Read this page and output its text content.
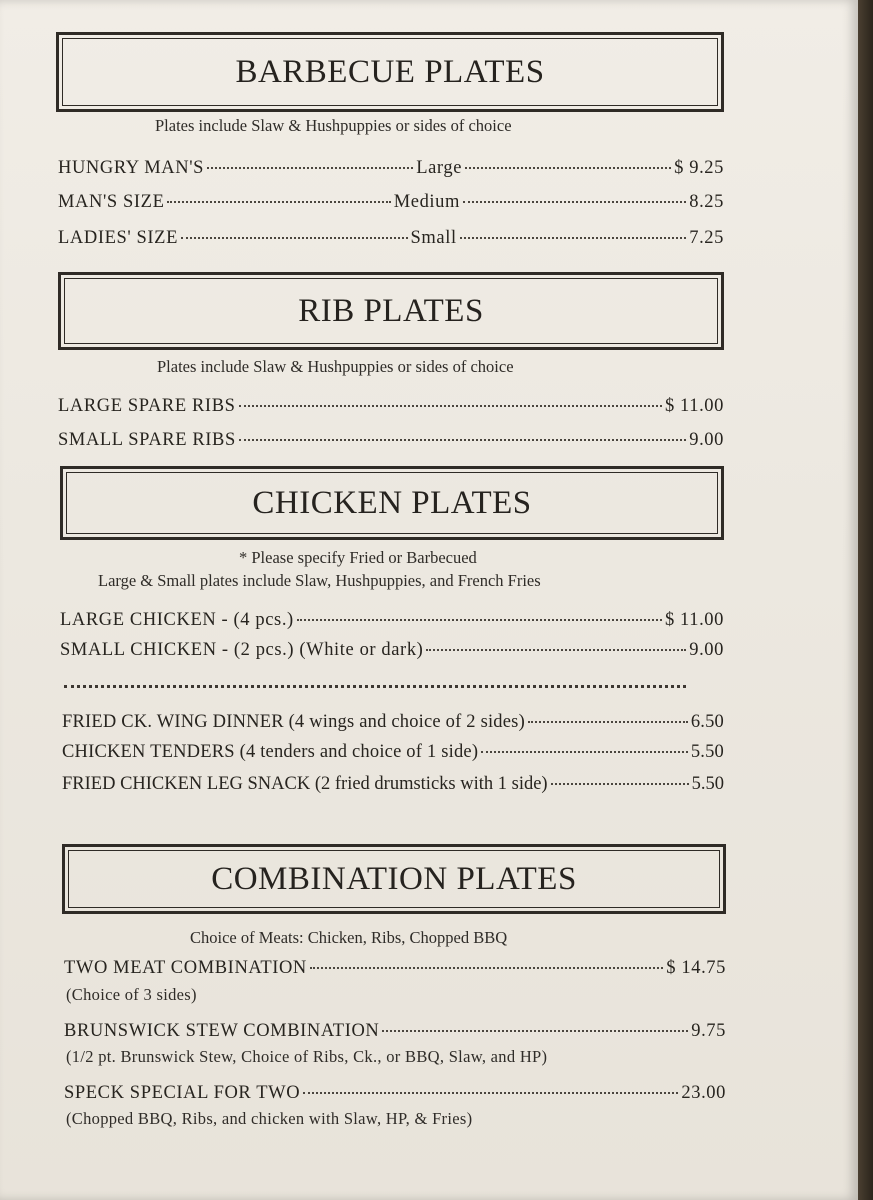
BARBECUE PLATES
Plates include Slaw & Hushpuppies or sides of choice
HUNGRY MAN'S	Large	$ 9.25
MAN'S SIZE	Medium	8.25
LADIES' SIZE	Small	7.25
RIB PLATES
Plates include Slaw & Hushpuppies or sides of choice
LARGE SPARE RIBS	$ 11.00
SMALL SPARE RIBS	9.00
CHICKEN PLATES
* Please specify Fried or Barbecued
Large & Small plates include Slaw, Hushpuppies, and French Fries
LARGE CHICKEN - (4 pcs.)	$ 11.00
SMALL CHICKEN - (2 pcs.) (White or dark)	9.00
FRIED CK. WING DINNER (4 wings and choice of 2 sides)	6.50
CHICKEN TENDERS (4 tenders and choice of 1 side)	5.50
FRIED CHICKEN LEG SNACK (2 fried drumsticks with 1 side)	5.50
COMBINATION PLATES
Choice of Meats: Chicken, Ribs, Chopped BBQ
TWO MEAT COMBINATION	$ 14.75
(Choice of 3 sides)
BRUNSWICK STEW COMBINATION	9.75
(1/2 pt. Brunswick Stew, Choice of Ribs, Ck., or BBQ, Slaw, and HP)
SPECK SPECIAL FOR TWO	23.00
(Chopped BBQ, Ribs, and chicken with Slaw, HP, & Fries)
